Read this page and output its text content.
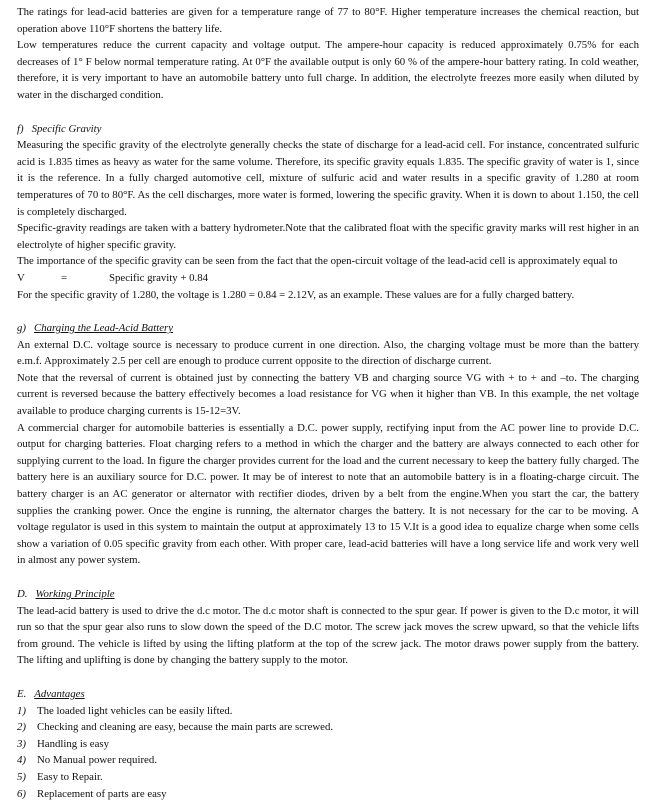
The ratings for lead-acid batteries are given for a temperature range of 77 to 80°F. Higher temperature increases the chemical reaction, but operation above 110°F shortens the battery life.

Low temperatures reduce the current capacity and voltage output. The ampere-hour capacity is reduced approximately 0.75% for each decreases of 1° F below normal temperature rating. At 0°F the available output is only 60 % of the ampere-hour battery rating. In cold weather, therefore, it is very important to have an automobile battery unto full charge. In addition, the electrolyte freezes more easily when diluted by water in the discharged condition.

f) Specific Gravity

Measuring the specific gravity of the electrolyte generally checks the state of discharge for a lead-acid cell. For instance, concentrated sulfuric acid is 1.835 times as heavy as water for the same volume. Therefore, its specific gravity equals 1.835. The specific gravity of water is 1, since it is the reference. In a fully charged automotive cell, mixture of sulfuric acid and water results in a specific gravity of 1.280 at room temperatures of 70 to 80°F. As the cell discharges, more water is formed, lowering the specific gravity. When it is down to about 1.150, the cell is completely discharged.

Specific-gravity readings are taken with a battery hydrometer.Note that the calibrated float with the specific gravity marks will rest higher in an electrolyte of higher specific gravity.

The importance of the specific gravity can be seen from the fact that the open-circuit voltage of the lead-acid cell is approximately equal to

V	=	Specific gravity + 0.84

For the specific gravity of 1.280, the voltage is 1.280 = 0.84 = 2.12V, as an example. These values are for a fully charged battery.

g) Charging the Lead-Acid Battery

An external D.C. voltage source is necessary to produce current in one direction. Also, the charging voltage must be more than the battery e.m.f. Approximately 2.5 per cell are enough to produce current opposite to the direction of discharge current.

Note that the reversal of current is obtained just by connecting the battery VB and charging source VG with + to + and –to. The charging current is reversed because the battery effectively becomes a load resistance for VG when it higher than VB. In this example, the net voltage available to produce charging currents is 15-12=3V.

A commercial charger for automobile batteries is essentially a D.C. power supply, rectifying input from the AC power line to provide D.C. output for charging batteries. Float charging refers to a method in which the charger and the battery are always connected to each other for supplying current to the load. In figure the charger provides current for the load and the current necessary to keep the battery fully charged. The battery here is an auxiliary source for D.C. power. It may be of interest to note that an automobile battery is in a floating-charge circuit. The battery charger is an AC generator or alternator with rectifier diodes, driven by a belt from the engine.When you start the car, the battery supplies the cranking power. Once the engine is running, the alternator charges the battery. It is not necessary for the car to be moving. A voltage regulator is used in this system to maintain the output at approximately 13 to 15 V.It is a good idea to equalize charge when some cells show a variation of 0.05 specific gravity from each other. With proper care, lead-acid batteries will have a long service life and work very well in almost any power system.

D. Working Principle

The lead-acid battery is used to drive the d.c motor. The d.c motor shaft is connected to the spur gear. If power is given to the D.c motor, it will run so that the spur gear also runs to slow down the speed of the D.C motor. The screw jack moves the screw upward, so that the vehicle lifts from ground. The vehicle is lifted by using the lifting platform at the top of the screw jack. The motor draws power supply from the battery. The lifting and uplifting is done by changing the battery supply to the motor.

E. Advantages
1)	The loaded light vehicles can be easily lifted.
2)	Checking and cleaning are easy, because the main parts are screwed.
3)	Handling is easy
4)	No Manual power required.
5)	Easy to Repair.
6)	Replacement of parts are easy
